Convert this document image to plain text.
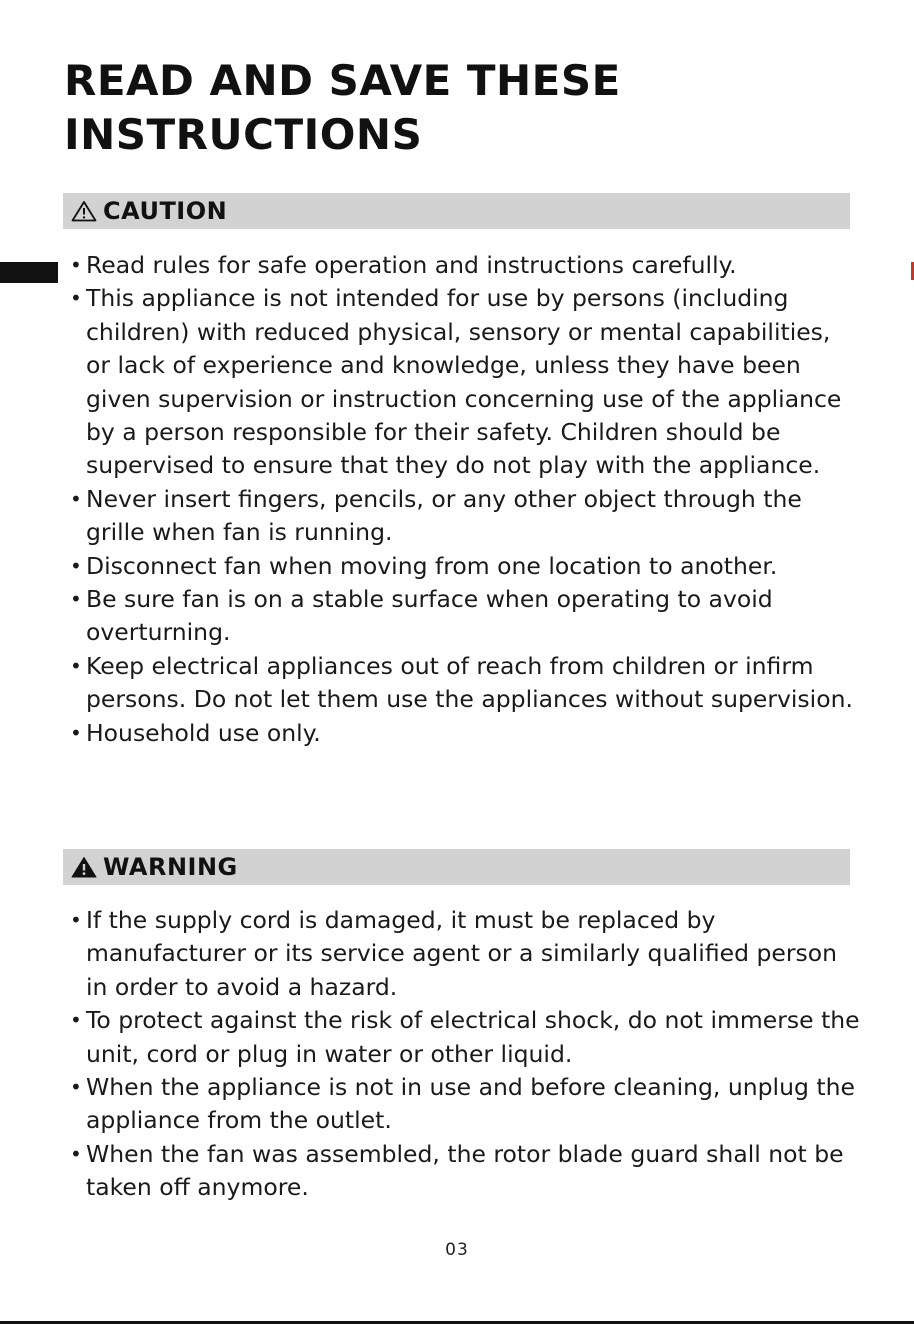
READ AND SAVE THESE
INSTRUCTIONS
CAUTION
• Read rules for safe operation and instructions carefully.
• This appliance is not intended for use by persons (including children) with reduced physical, sensory or mental capabilities, or lack of experience and knowledge, unless they have been given supervision or instruction concerning use of the appliance by a person responsible for their safety. Children should be supervised to ensure that they do not play with the appliance.
• Never insert fingers, pencils, or any other object through the grille when fan is running.
• Disconnect fan when moving from one location to another.
• Be sure fan is on a stable surface when operating to avoid overturning.
• Keep electrical appliances out of reach from children or infirm persons. Do not let them use the appliances without supervision.
• Household use only.
WARNING
• If the supply cord is damaged, it must be replaced by manufacturer or its service agent or a similarly qualified person in order to avoid a hazard.
• To protect against the risk of electrical shock, do not immerse the unit, cord or plug in water or other liquid.
• When the appliance is not in use and before cleaning, unplug the appliance from the outlet.
• When the fan was assembled, the rotor blade guard shall not be taken off anymore.
03
